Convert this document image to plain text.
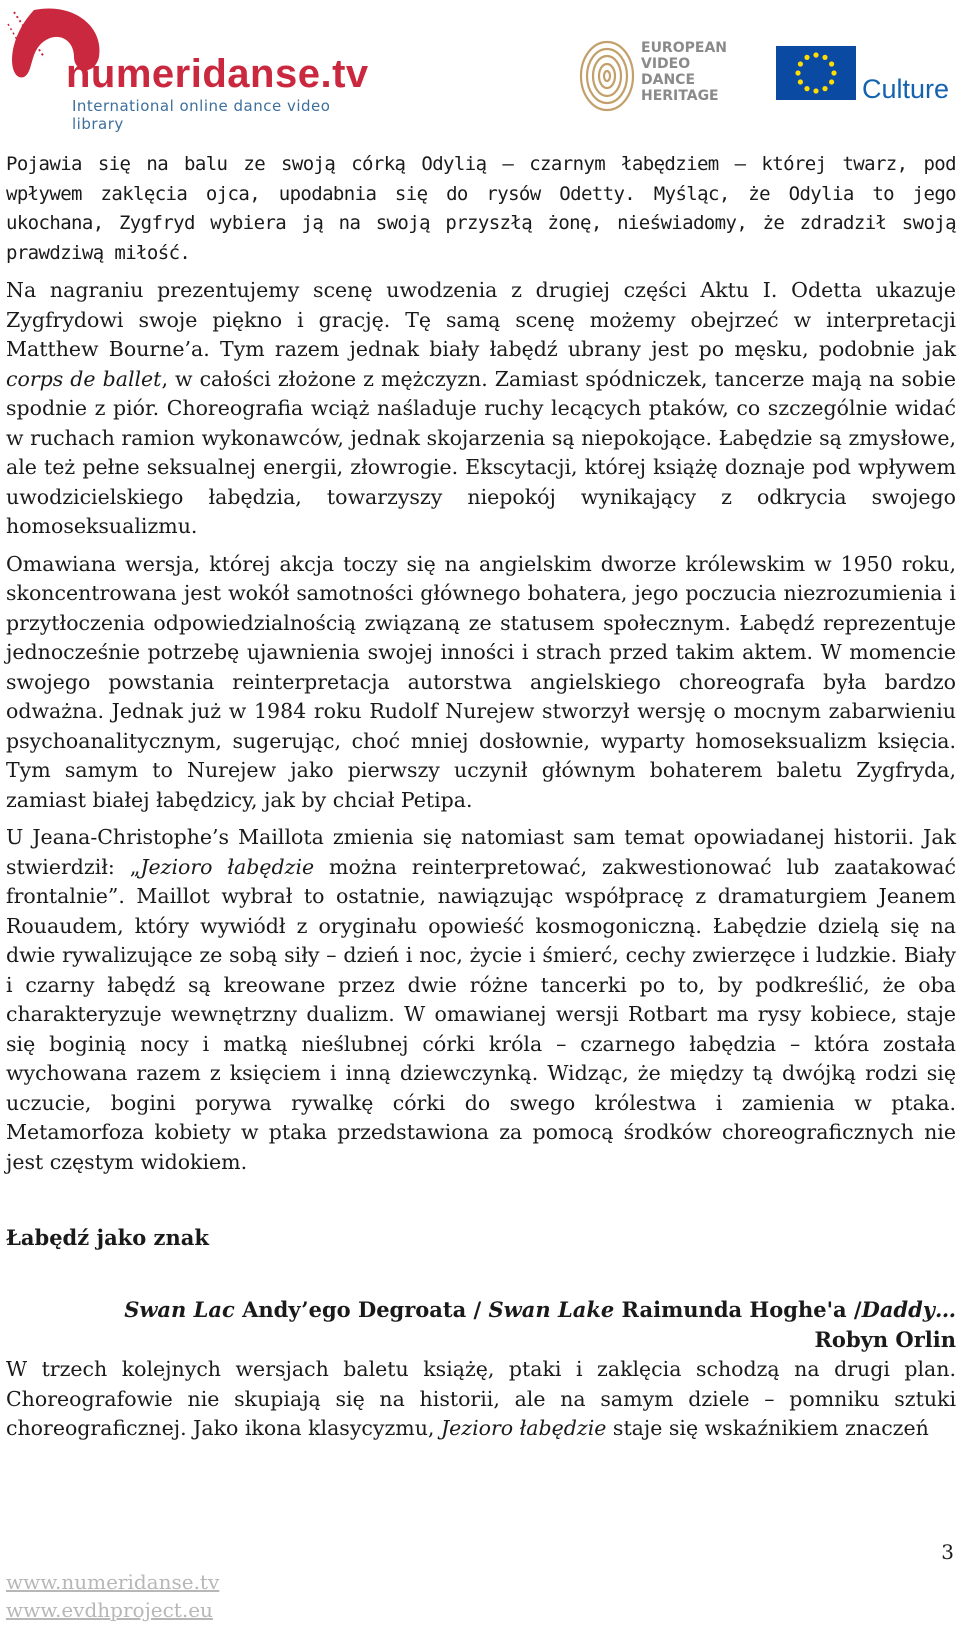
numeridanse.tv
International online dance video library
EUROPEAN
VIDEO
DANCE
HERITAGE	Culture

Pojawia się na balu ze swoją córką Odylią – czarnym łabędziem – której twarz, pod wpływem zaklęcia ojca, upodabnia się do rysów Odetty. Myśląc, że Odylia to jego ukochana, Zygfryd wybiera ją na swoją przyszłą żonę, nieświadomy, że zdradził swoją prawdziwą miłość.

Na nagraniu prezentujemy scenę uwodzenia z drugiej części Aktu I. Odetta ukazuje Zygfrydowi swoje piękno i grację. Tę samą scenę możemy obejrzeć w interpretacji Matthew Bourne’a. Tym razem jednak biały łabędź ubrany jest po męsku, podobnie jak corps de ballet, w całości złożone z mężczyzn. Zamiast spódniczek, tancerze mają na sobie spodnie z piór. Choreografia wciąż naśladuje ruchy lecących ptaków, co szczególnie widać w ruchach ramion wykonawców, jednak skojarzenia są niepokojące. Łabędzie są zmysłowe, ale też pełne seksualnej energii, złowrogie. Ekscytacji, której książę doznaje pod wpływem uwodzicielskiego łabędzia, towarzyszy niepokój wynikający z odkrycia swojego homoseksualizmu.

Omawiana wersja, której akcja toczy się na angielskim dworze królewskim w 1950 roku, skoncentrowana jest wokół samotności głównego bohatera, jego poczucia niezrozumienia i przytłoczenia odpowiedzialnością związaną ze statusem społecznym. Łabędź reprezentuje jednocześnie potrzebę ujawnienia swojej inności i strach przed takim aktem. W momencie swojego powstania reinterpretacja autorstwa angielskiego choreografa była bardzo odważna. Jednak już w 1984 roku Rudolf Nurejew stworzył wersję o mocnym zabarwieniu psychoanalitycznym, sugerując, choć mniej dosłownie, wyparty homoseksualizm księcia. Tym samym to Nurejew jako pierwszy uczynił głównym bohaterem baletu Zygfryda, zamiast białej łabędzicy, jak by chciał Petipa.

U Jeana-Christophe’s Maillota zmienia się natomiast sam temat opowiadanej historii. Jak stwierdził: „Jezioro łabędzie można reinterpretować, zakwestionować lub zaatakować frontalnie”. Maillot wybrał to ostatnie, nawiązując współpracę z dramaturgiem Jeanem Rouaudem, który wywiódł z oryginału opowieść kosmogoniczną. Łabędzie dzielą się na dwie rywalizujące ze sobą siły – dzień i noc, życie i śmierć, cechy zwierzęce i ludzkie. Biały i czarny łabędź są kreowane przez dwie różne tancerki po to, by podkreślić, że oba charakteryzuje wewnętrzny dualizm. W omawianej wersji Rotbart ma rysy kobiece, staje się boginią nocy i matką nieślubnej córki króla – czarnego łabędzia – która została wychowana razem z księciem i inną dziewczynką. Widząc, że między tą dwójką rodzi się uczucie, bogini porywa rywalkę córki do swego królestwa i zamienia w ptaka. Metamorfoza kobiety w ptaka przedstawiona za pomocą środków choreograficznych nie jest częstym widokiem.

Łabędź jako znak
Swan Lac Andy’ego Degroata / Swan Lake Raimunda Hoghe'a /Daddy… Robyn Orlin

W trzech kolejnych wersjach baletu książę, ptaki i zaklęcia schodzą na drugi plan. Choreografowie nie skupiają się na historii, ale na samym dziele – pomniku sztuki choreograficznej. Jako ikona klasycyzmu, Jezioro łabędzie staje się wskaźnikiem znaczeń

3
www.numeridanse.tv
www.evdhproject.eu
